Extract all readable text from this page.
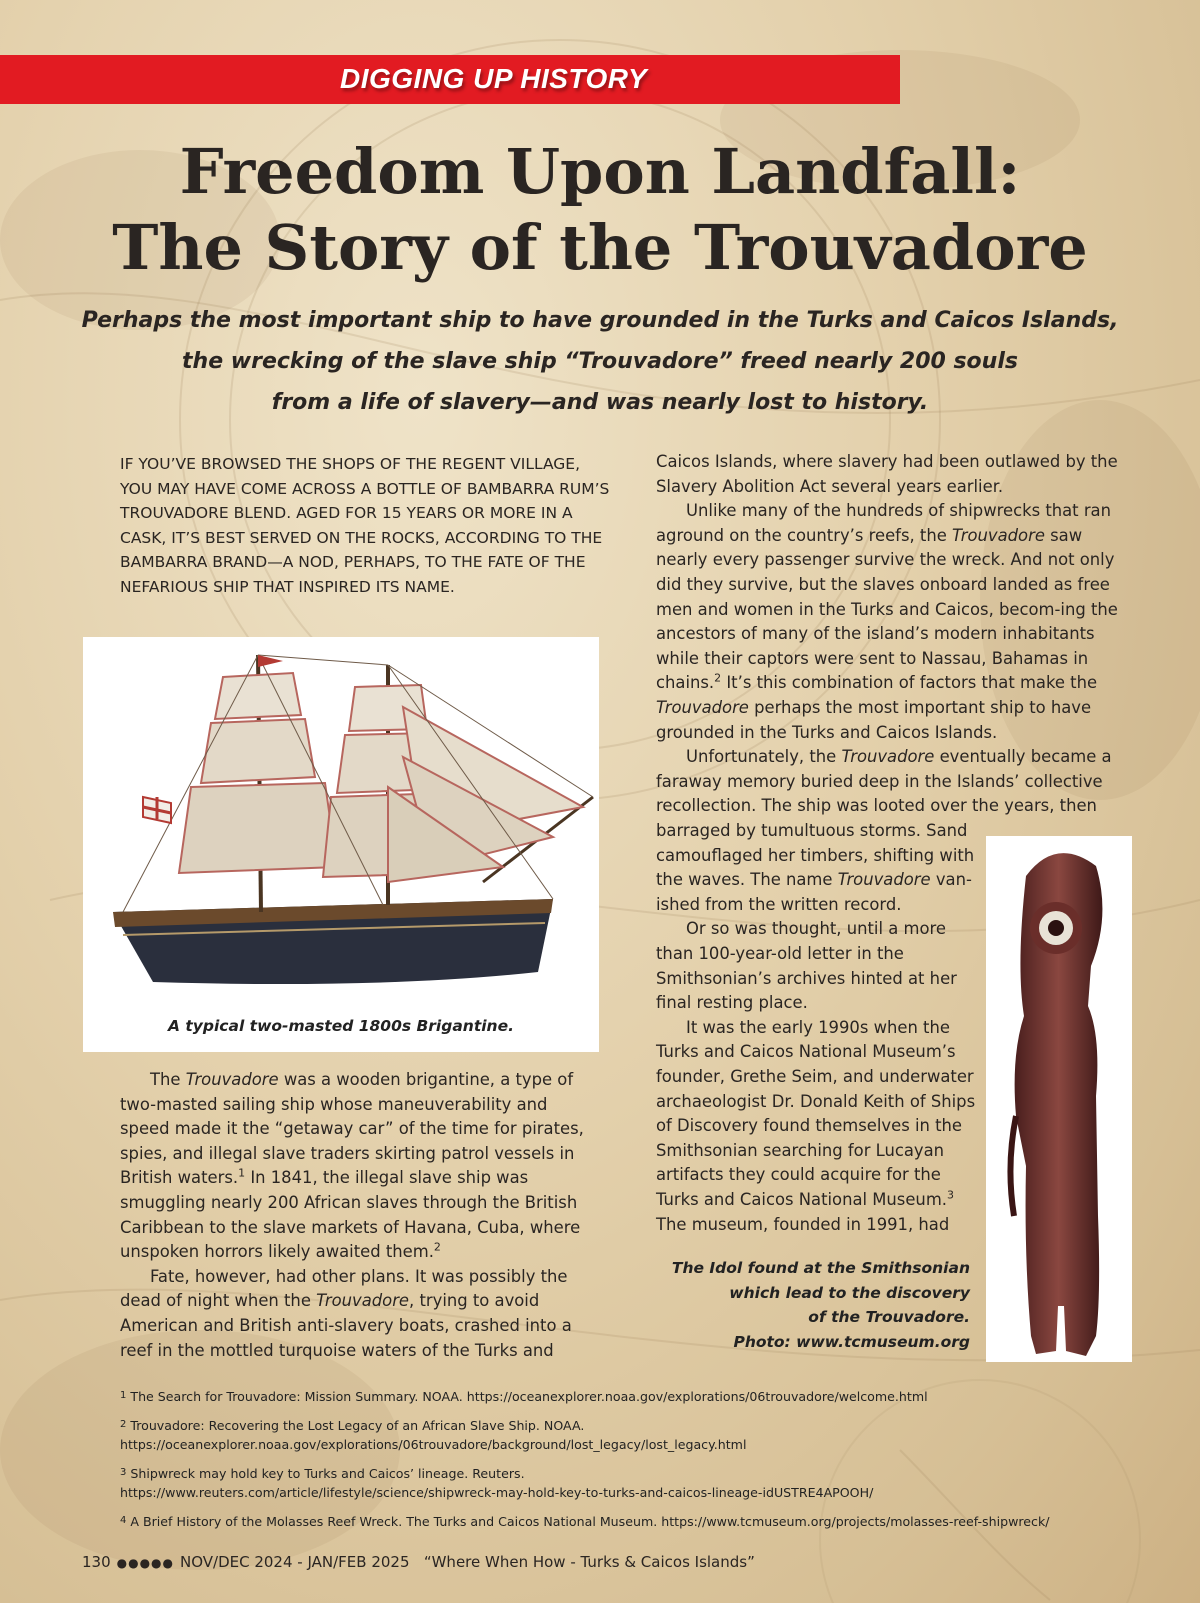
DIGGING UP HISTORY
Freedom Upon Landfall:
The Story of the Trouvadore
Perhaps the most important ship to have grounded in the Turks and Caicos Islands,
the wrecking of the slave ship “Trouvadore” freed nearly 200 souls
from a life of slavery—and was nearly lost to history.
IF YOU’VE BROWSED THE SHOPS OF THE REGENT VILLAGE, YOU MAY HAVE COME ACROSS A BOTTLE OF BAMBARRA RUM’S TROUVADORE BLEND. AGED FOR 15 YEARS OR MORE IN A CASK, IT’S BEST SERVED ON THE ROCKS, ACCORDING TO THE BAMBARRA BRAND—A NOD, PERHAPS, TO THE FATE OF THE NEFARIOUS SHIP THAT INSPIRED ITS NAME.
A typical two-masted 1800s Brigantine.

The Trouvadore was a wooden brigantine, a type of two-masted sailing ship whose maneuverability and speed made it the “getaway car” of the time for pirates, spies, and illegal slave traders skirting patrol vessels in British waters.$^1$ In 1841, the illegal slave ship was smuggling nearly 200 African slaves through the British Caribbean to the slave markets of Havana, Cuba, where unspoken horrors likely awaited them.$^2$

Fate, however, had other plans. It was possibly the dead of night when the Trouvadore, trying to avoid American and British anti-slavery boats, crashed into a reef in the mottled turquoise waters of the Turks and

Caicos Islands, where slavery had been outlawed by the Slavery Abolition Act several years earlier.

Unlike many of the hundreds of shipwrecks that ran aground on the country’s reefs, the Trouvadore saw nearly every passenger survive the wreck. And not only did they survive, but the slaves onboard landed as free men and women in the Turks and Caicos, becom-ing the ancestors of many of the island’s modern inhabitants while their captors were sent to Nassau, Bahamas in chains.$^2$ It’s this combination of factors that make the Trouvadore perhaps the most important ship to have grounded in the Turks and Caicos Islands.

Unfortunately, the Trouvadore eventually became a faraway memory buried deep in the Islands’ collective recollection. The ship was looted over the years, then

barraged by tumultuous storms. Sand camouflaged her timbers, shifting with the waves. The name Trouvadore van-ished from the written record.

Or so was thought, until a more than 100-year-old letter in the Smithsonian’s archives hinted at her final resting place.

It was the early 1990s when the Turks and Caicos National Museum’s founder, Grethe Seim, and underwater archaeologist Dr. Donald Keith of Ships of Discovery found themselves in the Smithsonian searching for Lucayan artifacts they could acquire for the Turks and Caicos National Museum.$^3$ The museum, founded in 1991, had

The Idol found at the Smithsonian
which lead to the discovery
of the Trouvadore.
Photo: www.tcmuseum.org
$^1$ The Search for Trouvadore: Mission Summary. NOAA. https://oceanexplorer.noaa.gov/explorations/06trouvadore/welcome.html
$^2$ Trouvadore: Recovering the Lost Legacy of an African Slave Ship. NOAA.
https://oceanexplorer.noaa.gov/explorations/06trouvadore/background/lost_legacy/lost_legacy.html
$^3$ Shipwreck may hold key to Turks and Caicos’ lineage. Reuters.
https://www.reuters.com/article/lifestyle/science/shipwreck-may-hold-key-to-turks-and-caicos-lineage-idUSTRE4APOOH/
$^4$ A Brief History of the Molasses Reef Wreck. The Turks and Caicos National Museum. https://www.tcmuseum.org/projects/molasses-reef-shipwreck/
130 ●●●●● NOV/DEC 2024 - JAN/FEB 2025 “Where When How - Turks & Caicos Islands”
